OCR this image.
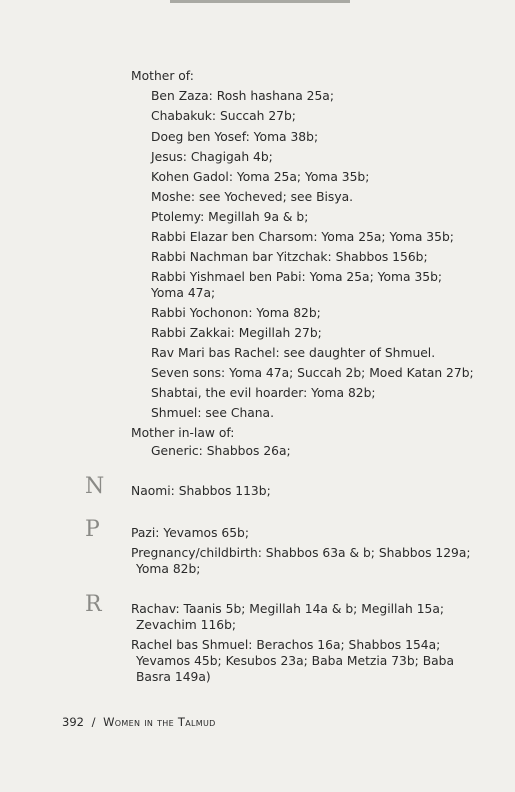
Mother of:
Ben Zaza: Rosh hashana 25a;
Chabakuk: Succah 27b;
Doeg ben Yosef: Yoma 38b;
Jesus: Chagigah 4b;
Kohen Gadol: Yoma 25a; Yoma 35b;
Moshe: see Yocheved; see Bisya.
Ptolemy: Megillah 9a & b;
Rabbi Elazar ben Charsom: Yoma 25a; Yoma 35b;
Rabbi Nachman bar Yitzchak: Shabbos 156b;
Rabbi Yishmael ben Pabi: Yoma 25a; Yoma 35b;
Yoma 47a;
Rabbi Yochonon: Yoma 82b;
Rabbi Zakkai: Megillah 27b;
Rav Mari bas Rachel: see daughter of Shmuel.
Seven sons: Yoma 47a; Succah 2b; Moed Katan 27b;
Shabtai, the evil hoarder: Yoma 82b;
Shmuel: see Chana.
Mother in-law of:
Generic: Shabbos 26a;
N Naomi: Shabbos 113b;
P	Pazi: Yevamos 65b;
Pregnancy/childbirth: Shabbos 63a & b; Shabbos 129a;
Yoma 82b;
R Rachav: Taanis 5b; Megillah 14a & b; Megillah 15a;
Zevachim 116b;
Rachel bas Shmuel: Berachos 16a; Shabbos 154a;
Yevamos 45b; Kesubos 23a; Baba Metzia 73b; Baba
Basra 149a)
392 / Women in the Talmud
